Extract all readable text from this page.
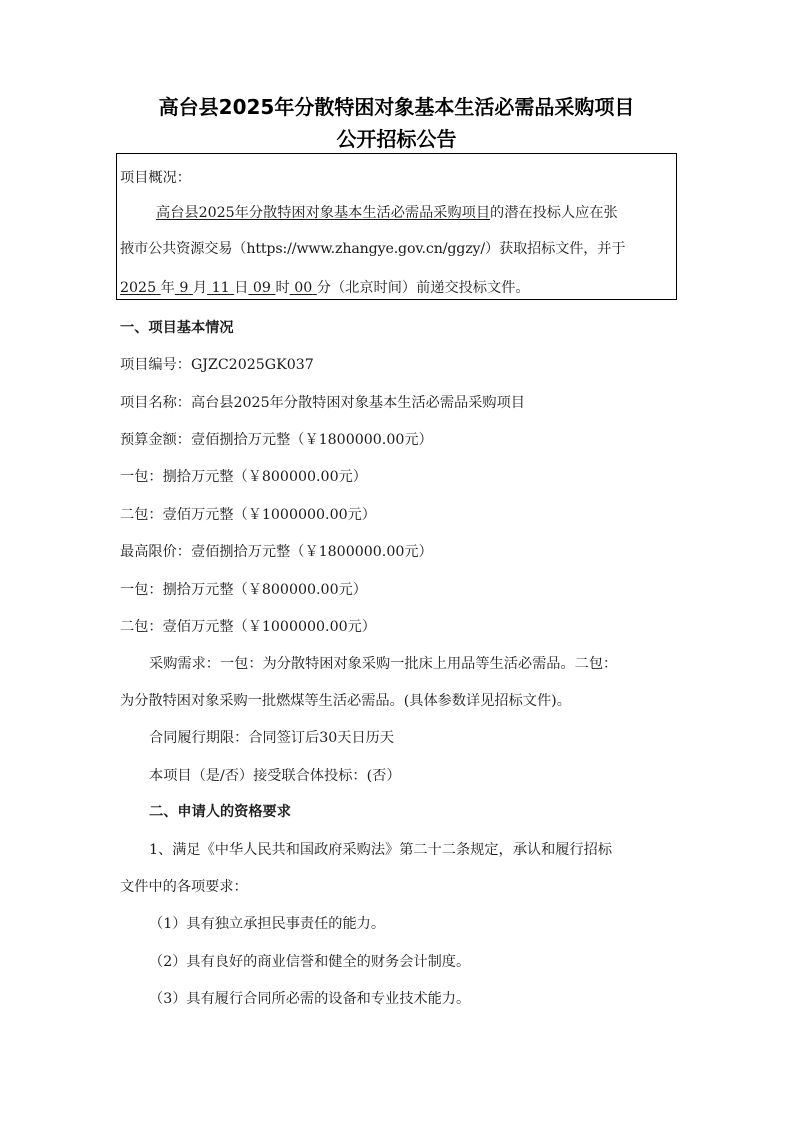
高台县2025年分散特困对象基本生活必需品采购项目
公开招标公告
项目概况：
高台县2025年分散特困对象基本生活必需品采购项目的潜在投标人应在张
掖市公共资源交易（https://www.zhangye.gov.cn/ggzy/）获取招标文件，并于
2025 年 9 月 11 日 09 时 00 分（北京时间）前递交投标文件。
一、项目基本情况
项目编号：GJZC2025GK037
项目名称：高台县2025年分散特困对象基本生活必需品采购项目
预算金额：壹佰捌拾万元整（￥1800000.00元）
一包：捌拾万元整（￥800000.00元）
二包：壹佰万元整（￥1000000.00元）
最高限价：壹佰捌拾万元整（￥1800000.00元）
一包：捌拾万元整（￥800000.00元）
二包：壹佰万元整（￥1000000.00元）
采购需求：一包：为分散特困对象采购一批床上用品等生活必需品。二包：
为分散特困对象采购一批燃煤等生活必需品。(具体参数详见招标文件)。
合同履行期限：合同签订后30天日历天
本项目（是/否）接受联合体投标：(否）
二、申请人的资格要求
1、满足《中华人民共和国政府采购法》第二十二条规定，承认和履行招标
文件中的各项要求：
（1）具有独立承担民事责任的能力。
（2）具有良好的商业信誉和健全的财务会计制度。
（3）具有履行合同所必需的设备和专业技术能力。
